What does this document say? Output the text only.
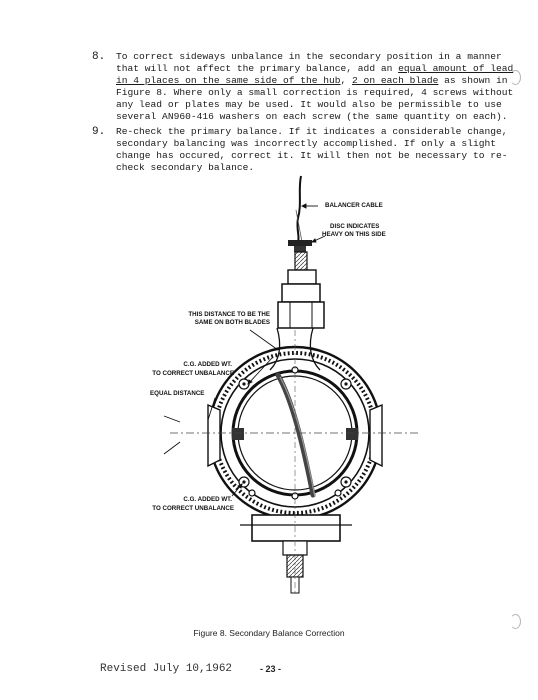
8. To correct sideways unbalance in the secondary position in a manner
that will not affect the primary balance, add an equal amount of lead
in 4 places on the same side of the hub, 2 on each blade as shown in
Figure 8. Where only a small correction is required, 4 screws without
any lead or plates may be used. It would also be permissible to use
several AN960-416 washers on each screw (the same quantity on each).
9. Re-check the primary balance. If it indicates a considerable change,
secondary balancing was incorrectly accomplished. If only a slight
change has occured, correct it. It will then not be necessary to re-
check secondary balance.
BALANCER CABLE
DISC INDICATES
HEAVY ON THIS SIDE
THIS DISTANCE TO BE THE
SAME ON BOTH BLADES
C.G. ADDED WT.
TO CORRECT UNBALANCE
EQUAL DISTANCE
C.G. ADDED WT.
TO CORRECT UNBALANCE
Figure 8. Secondary Balance Correction
Revised July 10,1962	- 23 -
